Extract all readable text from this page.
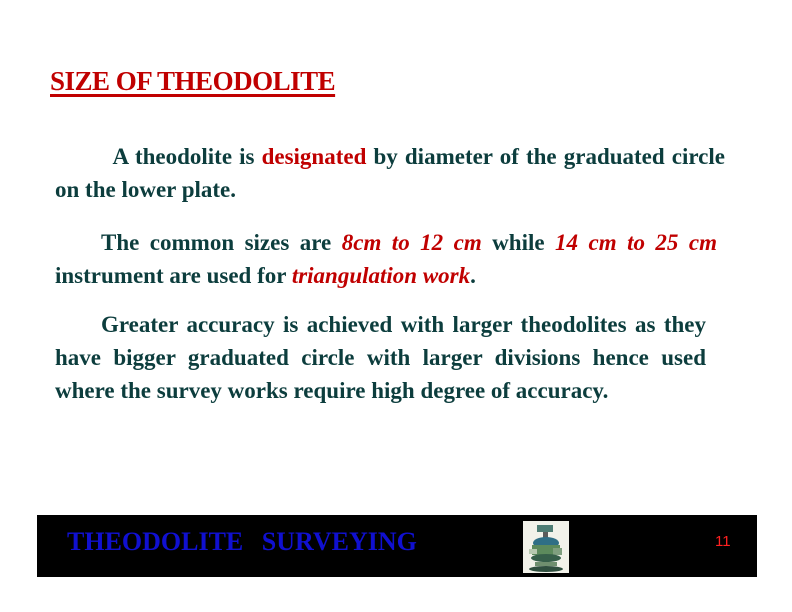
SIZE OF THEODOLITE
   A theodolite is designated by diameter of the graduated circle on the lower plate.
  The common sizes are 8cm to 12 cm while 14 cm to 25 cm instrument are used for triangulation work.
  Greater accuracy is achieved with larger theodolites as they have bigger graduated circle with larger divisions hence used where the survey works require high degree of accuracy.
THEODOLITE SURVEYING	11
